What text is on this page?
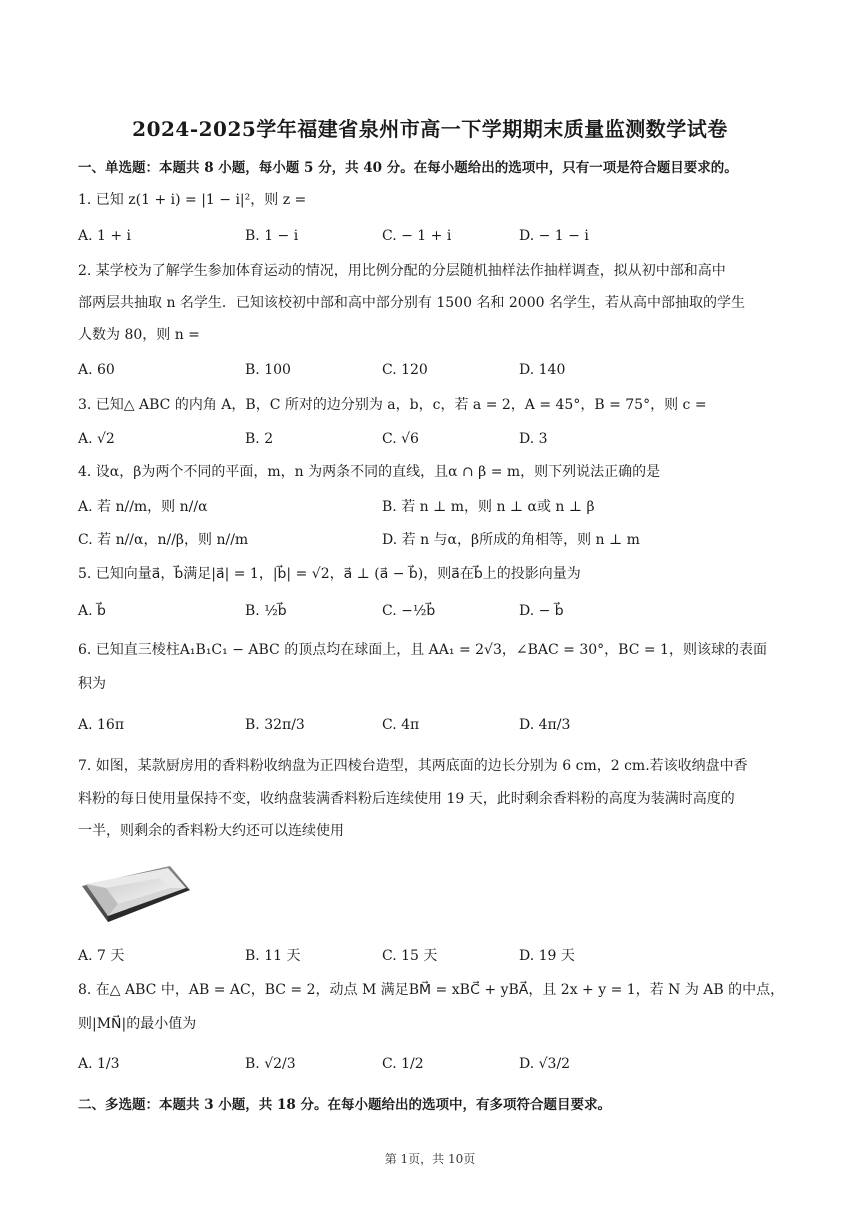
2024-2025学年福建省泉州市高一下学期期末质量监测数学试卷
一、单选题：本题共 8 小题，每小题 5 分，共 40 分。在每小题给出的选项中，只有一项是符合题目要求的。
1. 已知 z(1 + i) = |1 − i|²，则 z =
A. 1 + i	B. 1 − i	C. − 1 + i	D. − 1 − i
2. 某学校为了解学生参加体育运动的情况，用比例分配的分层随机抽样法作抽样调查，拟从初中部和高中
部两层共抽取 n 名学生．已知该校初中部和高中部分别有 1500 名和 2000 名学生，若从高中部抽取的学生
人数为 80，则 n =
A. 60	B. 100	C. 120	D. 140
3. 已知△ ABC 的内角 A，B，C 所对的边分别为 a，b，c，若 a = 2，A = 45°，B = 75°，则 c =
A. √2	B. 2	C. √6	D. 3
4. 设α，β为两个不同的平面，m，n 为两条不同的直线，且α ∩ β = m，则下列说法正确的是
A. 若 n//m，则 n//α	B. 若 n ⊥ m，则 n ⊥ α或 n ⊥ β
C. 若 n//α，n//β，则 n//m	D. 若 n 与α，β所成的角相等，则 n ⊥ m
5. 已知向量a⃗，b⃗满足|a⃗| = 1，|b⃗| = √2，a⃗ ⊥ (a⃗ − b⃗)，则a⃗在b⃗上的投影向量为
A. b⃗	B. ½b⃗	C. −½b⃗	D. − b⃗
6. 已知直三棱柱A₁B₁C₁ − ABC 的顶点均在球面上，且 AA₁ = 2√3，∠BAC = 30°，BC = 1，则该球的表面
积为
A. 16π	B. 32π/3	C. 4π	D. 4π/3
7. 如图，某款厨房用的香料粉收纳盘为正四棱台造型，其两底面的边长分别为 6 cm，2 cm.若该收纳盘中香
料粉的每日使用量保持不变，收纳盘装满香料粉后连续使用 19 天，此时剩余香料粉的高度为装满时高度的
一半，则剩余的香料粉大约还可以连续使用
A. 7 天	B. 11 天	C. 15 天	D. 19 天
8. 在△ ABC 中，AB = AC，BC = 2，动点 M 满足BM⃗ = xBC⃗ + yBA⃗，且 2x + y = 1，若 N 为 AB 的中点，
则|MN⃗|的最小值为
A. 1/3	B. √2/3	C. 1/2	D. √3/2
二、多选题：本题共 3 小题，共 18 分。在每小题给出的选项中，有多项符合题目要求。
第 1页，共 10页
